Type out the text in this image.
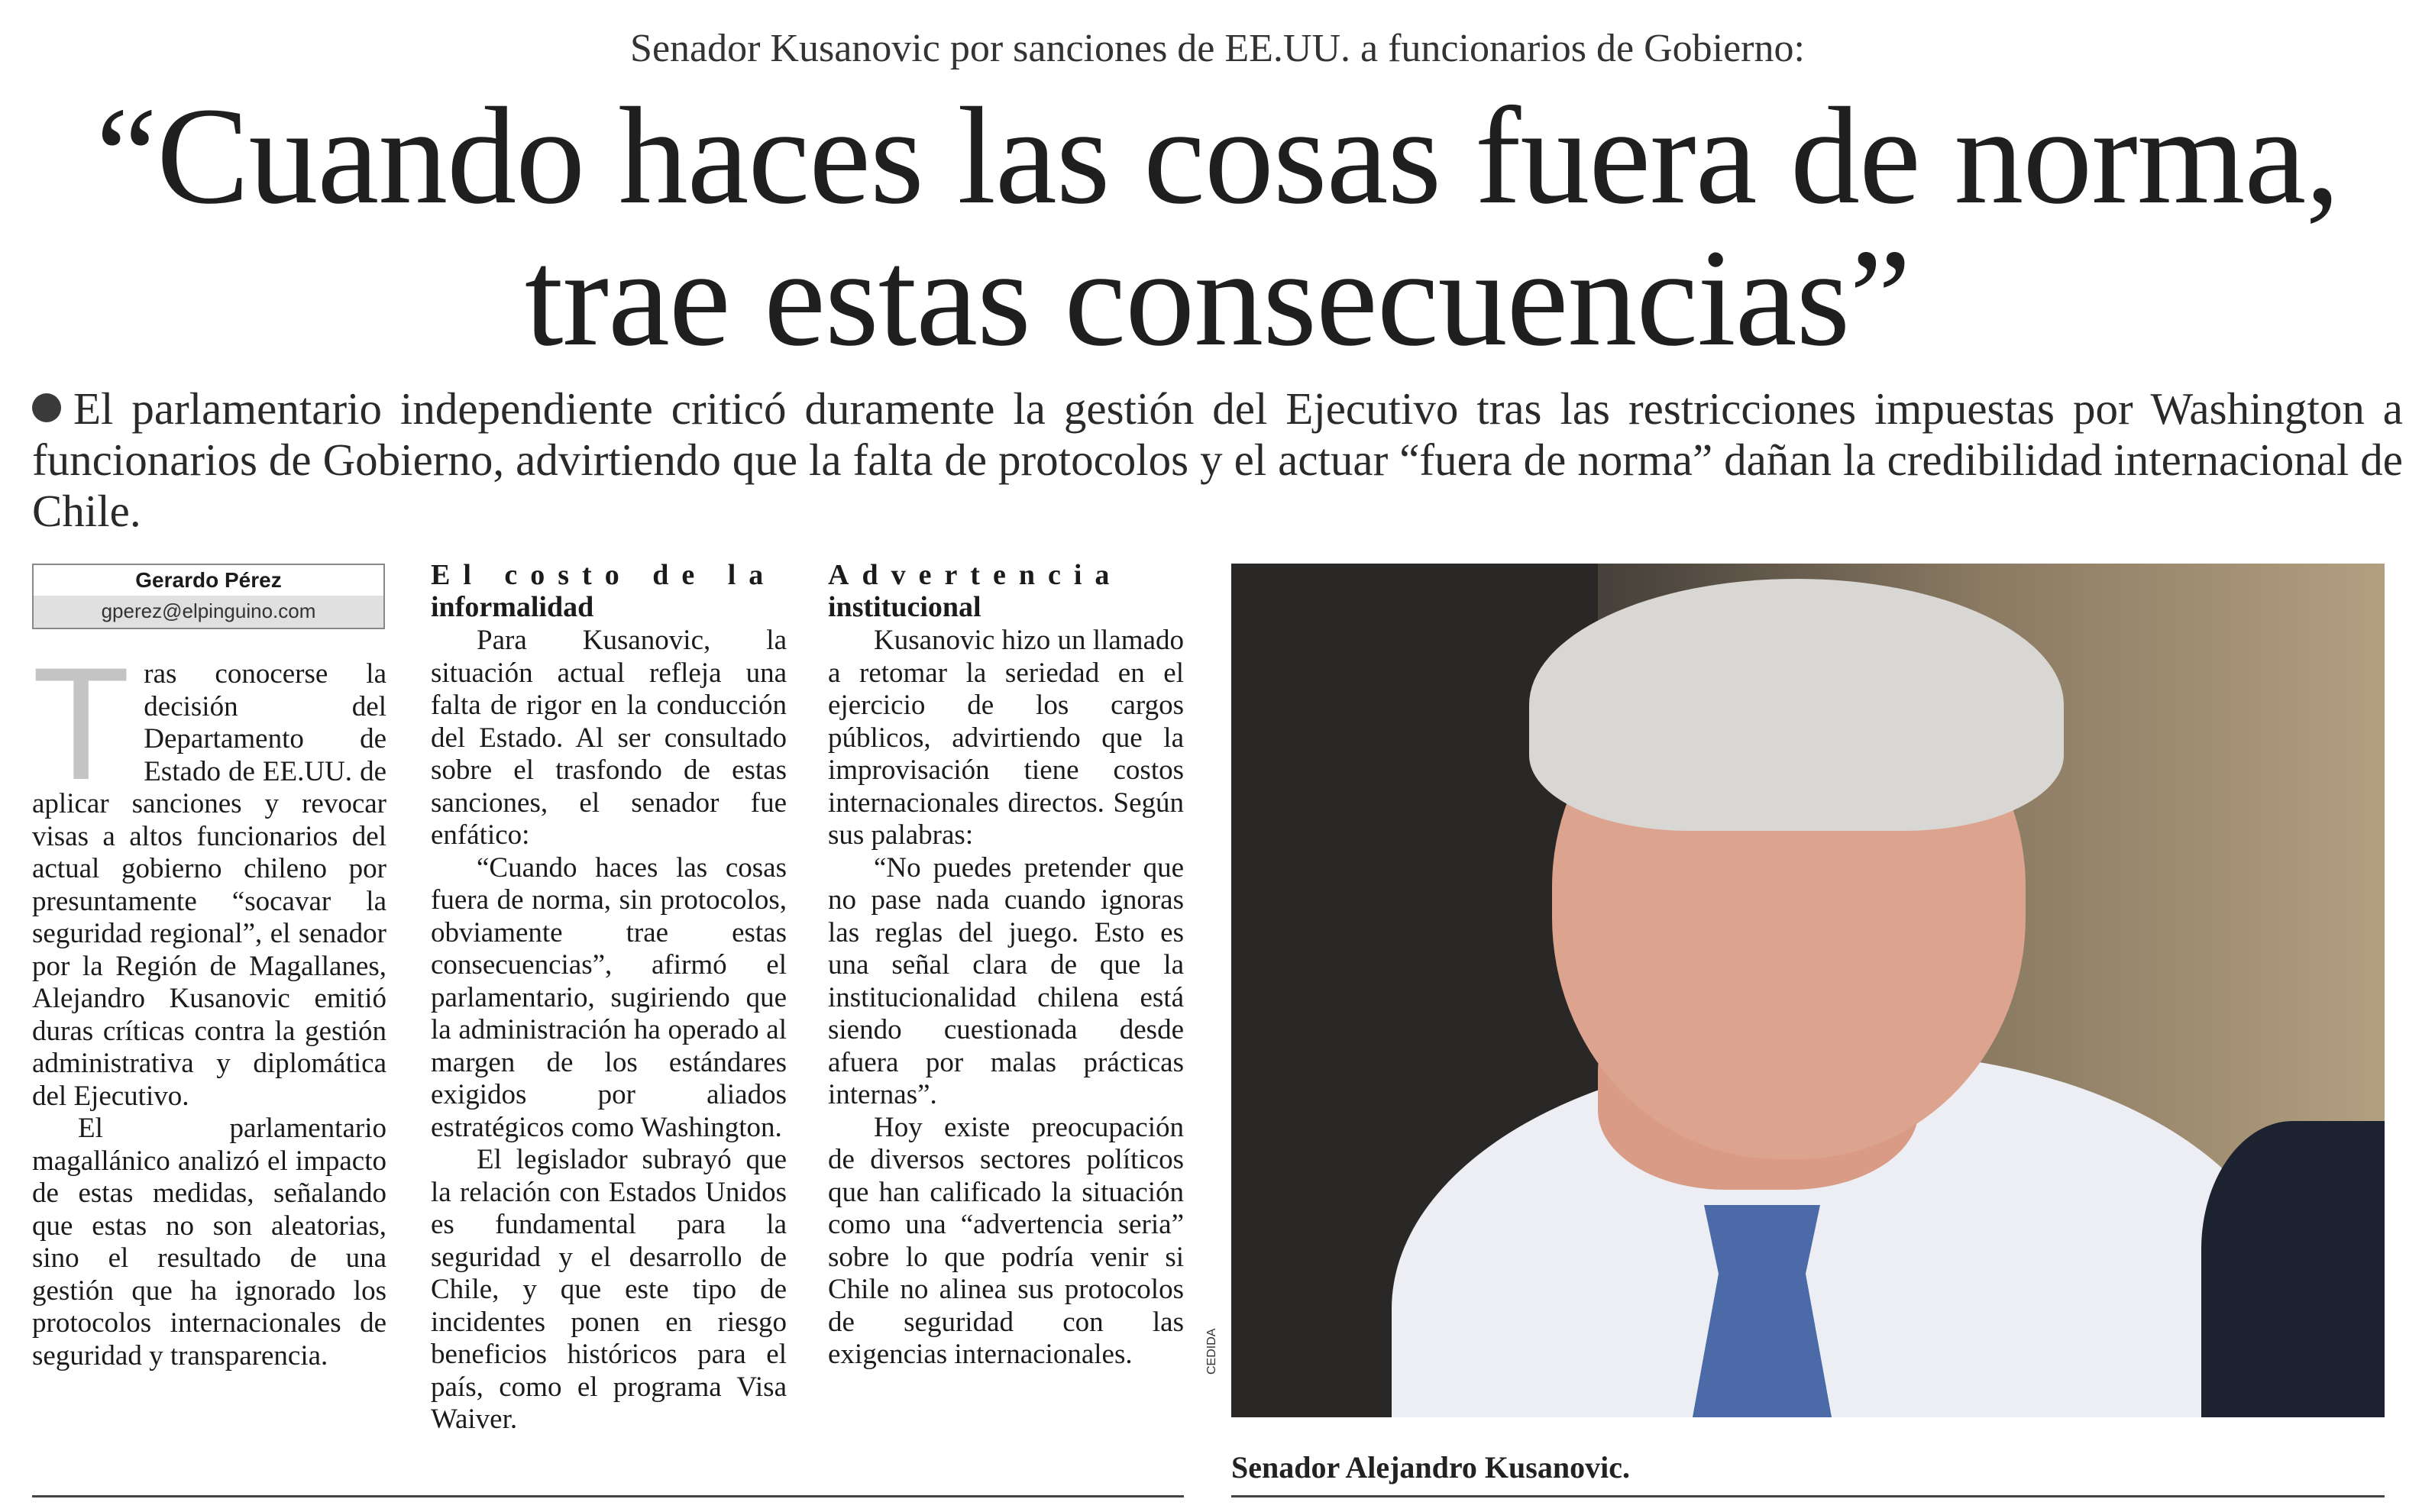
Senador Kusanovic por sanciones de EE.UU. a funcionarios de Gobierno:
“Cuando haces las cosas fuera de norma,
trae estas consecuencias”
El parlamentario independiente criticó duramente la gestión del Ejecutivo tras las restricciones impuestas por Washington a funcionarios de Gobierno, advirtiendo que la falta de protocolos y el actuar “fuera de norma” dañan la credibilidad internacional de Chile.
Gerardo Pérez
gperez@elpinguino.com
T ras conocerse la decisión del Departamento de Estado de EE.UU. de aplicar sanciones y revocar visas a altos funcionarios del actual gobierno chileno por presuntamente “socavar la seguridad regional”, el senador por la Región de Magallanes, Alejandro Kusanovic emitió duras críticas contra la gestión administrativa y diplomática del Ejecutivo.

El parlamentario magallánico analizó el impacto de estas medidas, señalando que estas no son aleatorias, sino el resultado de una gestión que ha ignorado los protocolos internacionales de seguridad y transparencia.

El costo de la
informalidad

Para Kusanovic, la situación actual refleja una falta de rigor en la conducción del Estado. Al ser consultado sobre el trasfondo de estas sanciones, el senador fue enfático:

“Cuando haces las cosas fuera de norma, sin protocolos, obviamente trae estas consecuencias”, afirmó el parlamentario, sugiriendo que la administración ha operado al margen de los estándares exigidos por aliados estratégicos como Washington.

El legislador subrayó que la relación con Estados Unidos es fundamental para la seguridad y el desarrollo de Chile, y que este tipo de incidentes ponen en riesgo beneficios históricos para el país, como el programa Visa Waiver.

Advertencia
institucional

Kusanovic hizo un llamado a retomar la seriedad en el ejercicio de los cargos públicos, advirtiendo que la improvisación tiene costos internacionales directos. Según sus palabras:

“No puedes pretender que no pase nada cuando ignoras las reglas del juego. Esto es una señal clara de que la institucionalidad chilena está siendo cuestionada desde afuera por malas prácticas internas”.

Hoy existe preocupación de diversos sectores políticos que han calificado la situación como una “advertencia seria” sobre lo que podría venir si Chile no alinea sus protocolos de seguridad con las exigencias internacionales.	CEDIDA
Senador Alejandro Kusanovic.
